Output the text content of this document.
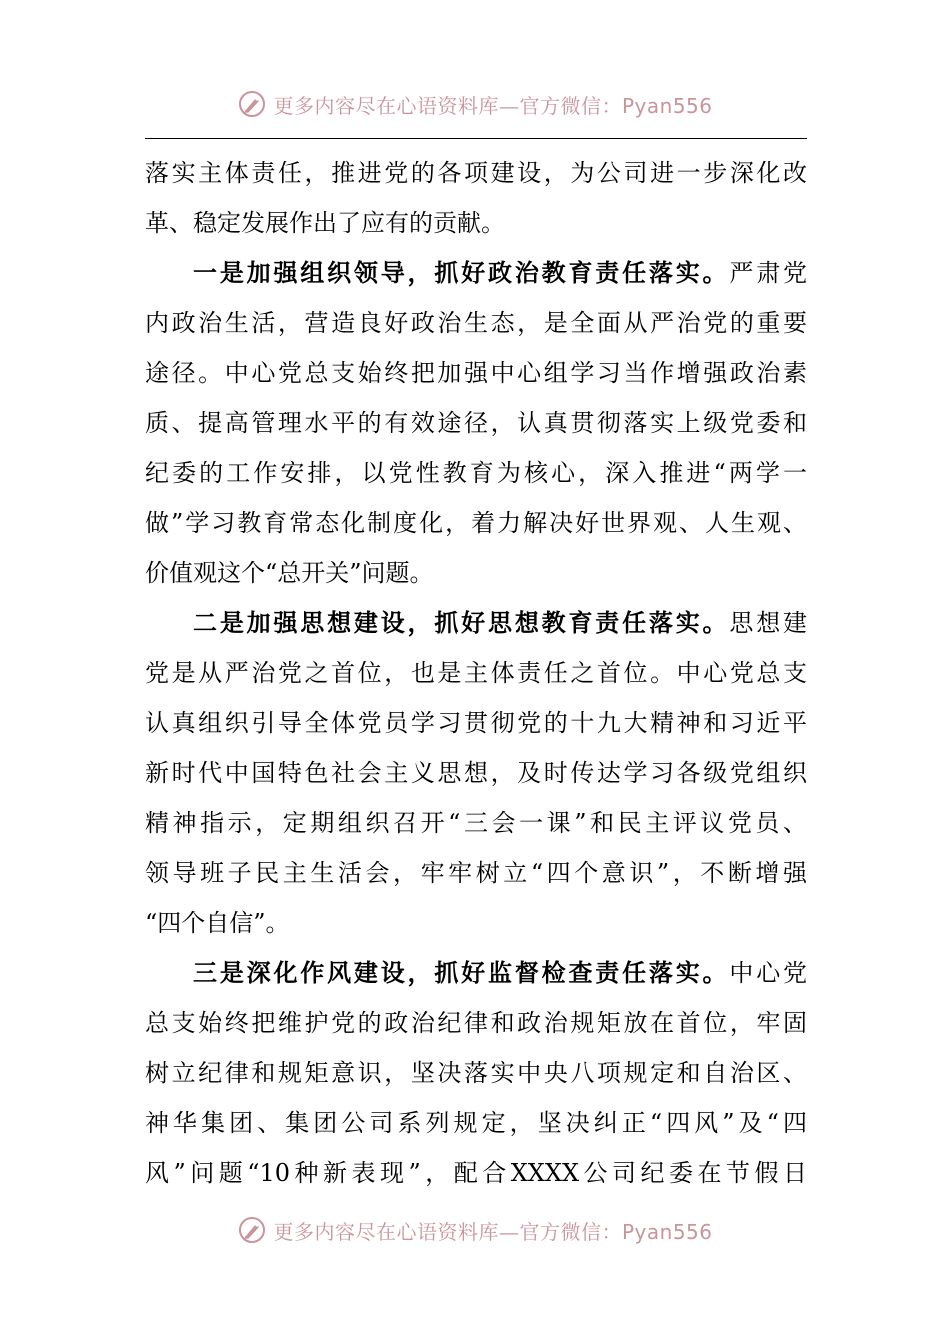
更多内容尽在心语资料库—官方微信：Pyan556
落实主体责任，推进党的各项建设，为公司进一步深化改
革、稳定发展作出了应有的贡献。
一是加强组织领导，抓好政治教育责任落实。严肃党
内政治生活，营造良好政治生态，是全面从严治党的重要
途径。中心党总支始终把加强中心组学习当作增强政治素
质、提高管理水平的有效途径，认真贯彻落实上级党委和
纪委的工作安排，以党性教育为核心，深入推进“两学一
做”学习教育常态化制度化，着力解决好世界观、人生观、
价值观这个“总开关”问题。
二是加强思想建设，抓好思想教育责任落实。思想建
党是从严治党之首位，也是主体责任之首位。中心党总支
认真组织引导全体党员学习贯彻党的十九大精神和习近平
新时代中国特色社会主义思想，及时传达学习各级党组织
精神指示，定期组织召开“三会一课”和民主评议党员、
领导班子民主生活会，牢牢树立“四个意识”，不断增强
“四个自信”。
三是深化作风建设，抓好监督检查责任落实。中心党
总支始终把维护党的政治纪律和政治规矩放在首位，牢固
树立纪律和规矩意识，坚决落实中央八项规定和自治区、
神华集团、集团公司系列规定，坚决纠正“四风”及“四
风”问题“10种新表现”，配合XXXX公司纪委在节假日
更多内容尽在心语资料库—官方微信：Pyan556
